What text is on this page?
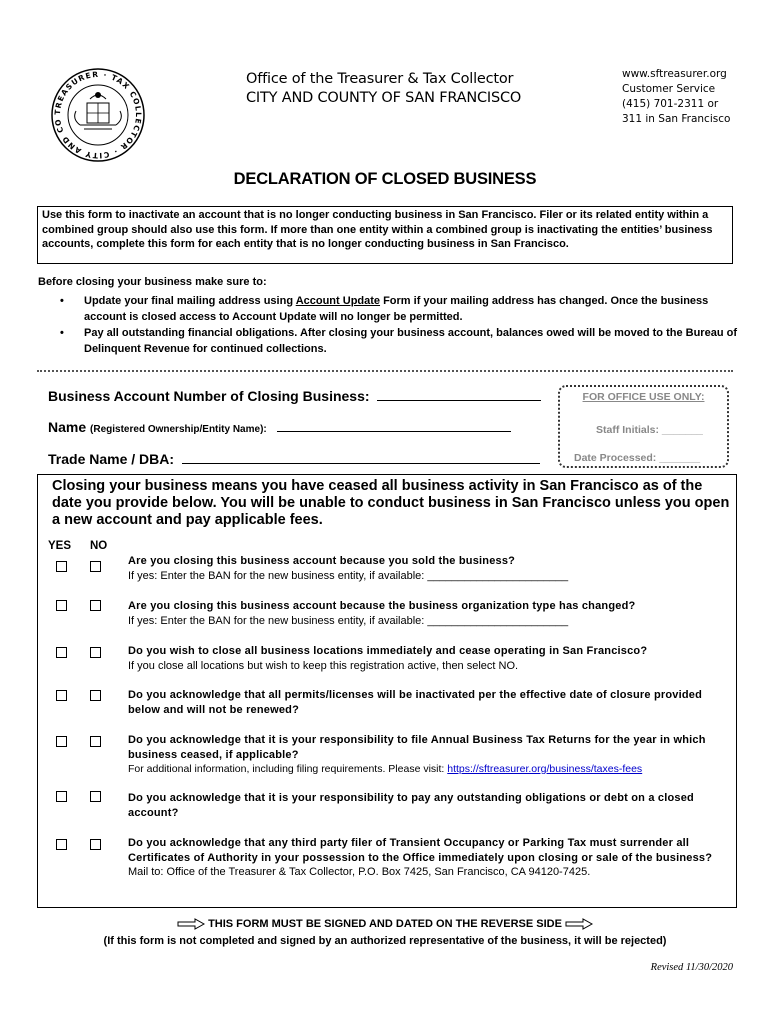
TREASURER · TAX COLLECTOR · CITY AND CO
Office of the Treasurer & Tax Collector
CITY AND COUNTY OF SAN FRANCISCO
www.sftreasurer.org
Customer Service
(415) 701-2311 or
311 in San Francisco
DECLARATION OF CLOSED BUSINESS
Use this form to inactivate an account that is no longer conducting business in San Francisco. Filer or its related entity within a combined group should also use this form. If more than one entity within a combined group is inactivating the entities’ business accounts, complete this form for each entity that is no longer conducting business in San Francisco.
Before closing your business make sure to:
•	Update your final mailing address using Account Update Form if your mailing address has changed. Once the business account is closed access to Account Update will no longer be permitted.
•	Pay all outstanding financial obligations. After closing your business account, balances owed will be moved to the Bureau of Delinquent Revenue for continued collections.
Business Account Number of Closing Business:
Name (Registered Ownership/Entity Name):
Trade Name / DBA:
FOR OFFICE USE ONLY:
Staff Initials: _______
Date Processed: _______
Closing your business means you have ceased all business activity in San Francisco as of the date you provide below. You will be unable to conduct business in San Francisco unless you open a new account and pay applicable fees.
YES NO
Are you closing this business account because you sold the business?
If yes: Enter the BAN for the new business entity, if available: _______________________
Are you closing this business account because the business organization type has changed?
If yes: Enter the BAN for the new business entity, if available: _______________________
Do you wish to close all business locations immediately and cease operating in San Francisco?
If you close all locations but wish to keep this registration active, then select NO.
Do you acknowledge that all permits/licenses will be inactivated per the effective date of closure provided below and will not be renewed?
Do you acknowledge that it is your responsibility to file Annual Business Tax Returns for the year in which business ceased, if applicable?
For additional information, including filing requirements. Please visit: https://sftreasurer.org/business/taxes-fees
Do you acknowledge that it is your responsibility to pay any outstanding obligations or debt on a closed account?
Do you acknowledge that any third party filer of Transient Occupancy or Parking Tax must surrender all Certificates of Authority in your possession to the Office immediately upon closing or sale of the business?
Mail to: Office of the Treasurer & Tax Collector, P.O. Box 7425, San Francisco, CA 94120-7425.
THIS FORM MUST BE SIGNED AND DATED ON THE REVERSE SIDE
(If this form is not completed and signed by an authorized representative of the business, it will be rejected)
Revised 11/30/2020
